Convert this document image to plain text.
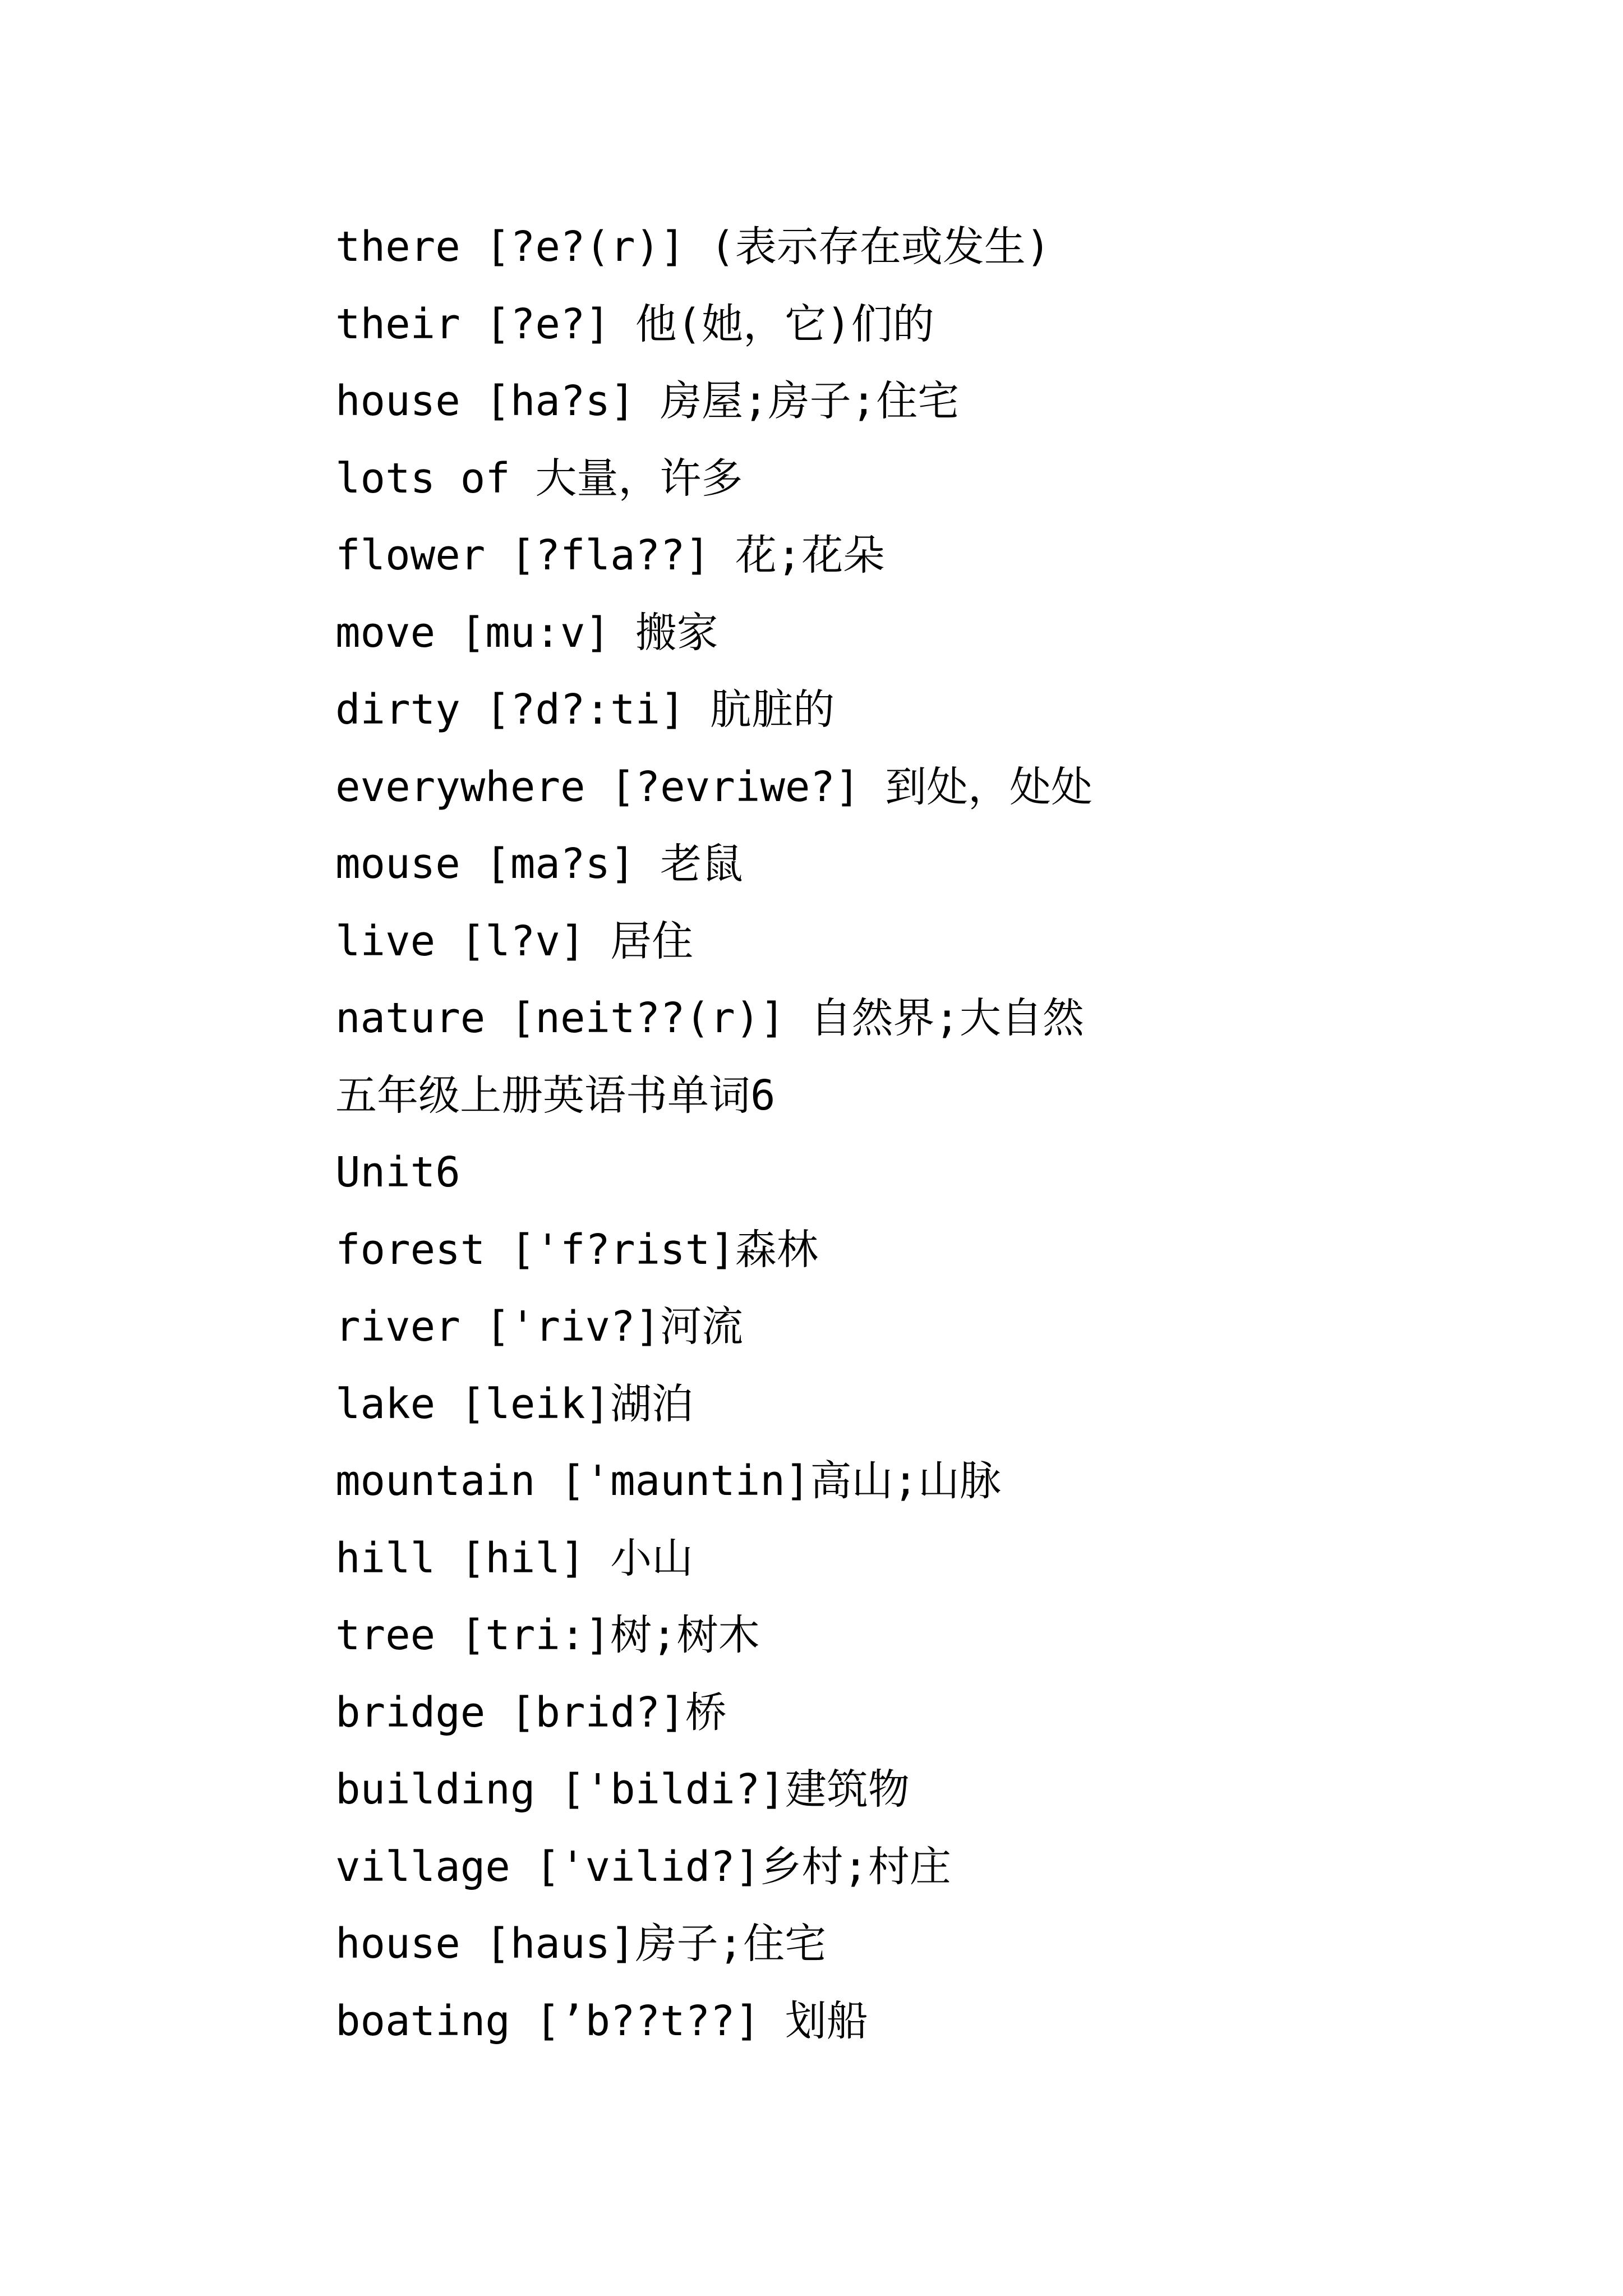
there [?e?(r)] (表示存在或发生)
their [?e?] 他(她，它)们的
house [ha?s] 房屋;房子;住宅
lots of 大量，许多
flower [?fla??] 花;花朵
move [mu:v] 搬家
dirty [?d?:ti] 肮脏的
everywhere [?evriwe?] 到处，处处
mouse [ma?s] 老鼠
live [l?v] 居住
nature [neit??(r)] 自然界;大自然
五年级上册英语书单词6
Unit6
forest ['f?rist]森林
river ['riv?]河流
lake [leik]湖泊
mountain ['mauntin]高山;山脉
hill [hil] 小山
tree [tri:]树;树木
bridge [brid?]桥
building ['bildi?]建筑物
village ['vilid?]乡村;村庄
house [haus]房子;住宅
boating [’b??t??] 划船
